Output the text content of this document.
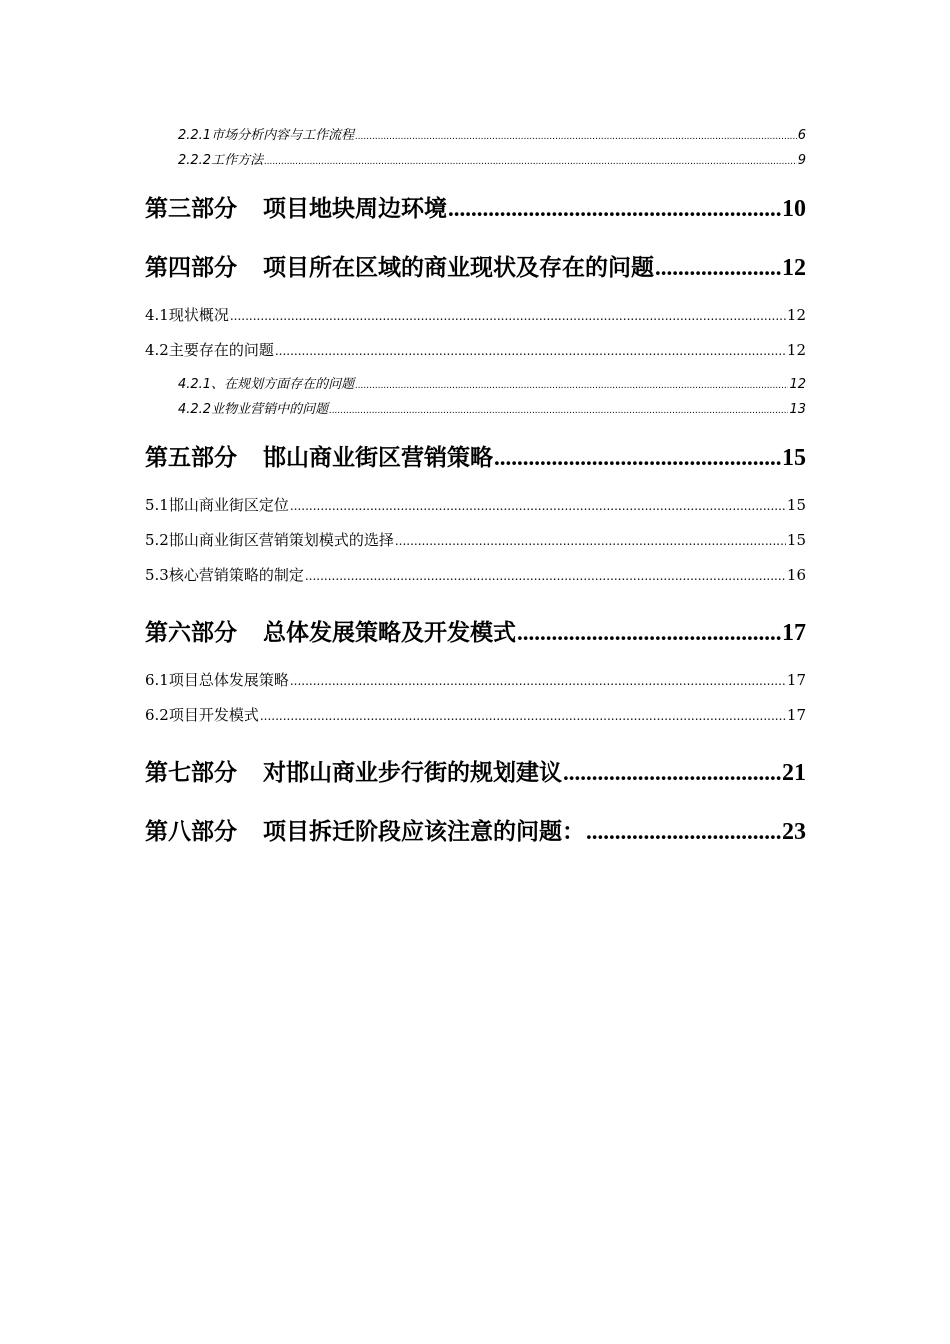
2.2.1市场分析内容与工作流程 .....	6
2.2.2工作方法 .....	9
第三部分 项目地块周边环境 .....	10
第四部分 项目所在区域的商业现状及存在的问题 .....	12
4.1现状概况 .....	12
4.2主要存在的问题 .....	12
4.2.1、在规划方面存在的问题 .....	12
4.2.2业物业营销中的问题 .....	13
第五部分 邯山商业街区营销策略 .....	15
5.1邯山商业街区定位 .....	15
5.2邯山商业街区营销策划模式的选择 .....	15
5.3核心营销策略的制定 .....	16
第六部分 总体发展策略及开发模式 .....	17
6.1项目总体发展策略 .....	17
6.2项目开发模式 .....	17
第七部分 对邯山商业步行街的规划建议 .....	21
第八部分 项目拆迁阶段应该注意的问题： .....	23
